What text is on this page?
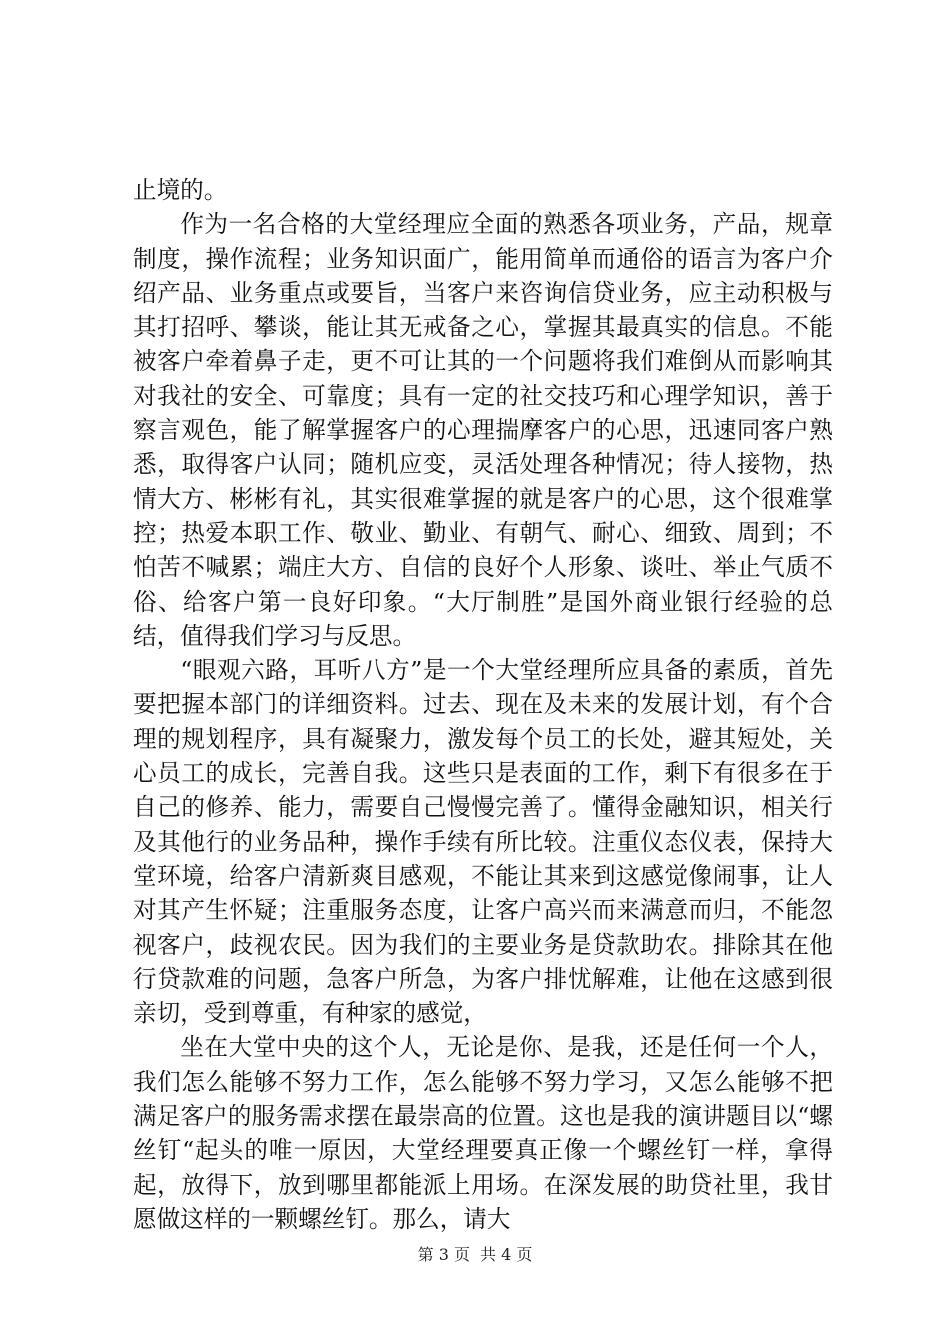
止境的。

作为一名合格的大堂经理应全面的熟悉各项业务，产品，规章制度，操作流程；业务知识面广，能用简单而通俗的语言为客户介绍产品、业务重点或要旨，当客户来咨询信贷业务，应主动积极与其打招呼、攀谈，能让其无戒备之心，掌握其最真实的信息。不能被客户牵着鼻子走，更不可让其的一个问题将我们难倒从而影响其对我社的安全、可靠度；具有一定的社交技巧和心理学知识，善于察言观色，能了解掌握客户的心理揣摩客户的心思，迅速同客户熟悉，取得客户认同；随机应变，灵活处理各种情况；待人接物，热情大方、彬彬有礼，其实很难掌握的就是客户的心思，这个很难掌控；热爱本职工作、敬业、勤业、有朝气、耐心、细致、周到；不怕苦不喊累；端庄大方、自信的良好个人形象、谈吐、举止气质不俗、给客户第一良好印象。“大厅制胜”是国外商业银行经验的总结，值得我们学习与反思。

“眼观六路，耳听八方”是一个大堂经理所应具备的素质，首先要把握本部门的详细资料。过去、现在及未来的发展计划，有个合理的规划程序，具有凝聚力，激发每个员工的长处，避其短处，关心员工的成长，完善自我。这些只是表面的工作，剩下有很多在于自己的修养、能力，需要自己慢慢完善了。懂得金融知识，相关行及其他行的业务品种，操作手续有所比较。注重仪态仪表，保持大堂环境，给客户清新爽目感观，不能让其来到这感觉像闹事，让人对其产生怀疑；注重服务态度，让客户高兴而来满意而归，不能忽视客户，歧视农民。因为我们的主要业务是贷款助农。排除其在他行贷款难的问题，急客户所急，为客户排忧解难，让他在这感到很亲切，受到尊重，有种家的感觉，

坐在大堂中央的这个人，无论是你、是我，还是任何一个人，我们怎么能够不努力工作，怎么能够不努力学习，又怎么能够不把满足客户的服务需求摆在最崇高的位置。这也是我的演讲题目以“螺丝钉“起头的唯一原因，大堂经理要真正像一个螺丝钉一样，拿得起，放得下，放到哪里都能派上用场。在深发展的助贷社里，我甘愿做这样的一颗螺丝钉。那么，请大

第 3 页 共 4 页
